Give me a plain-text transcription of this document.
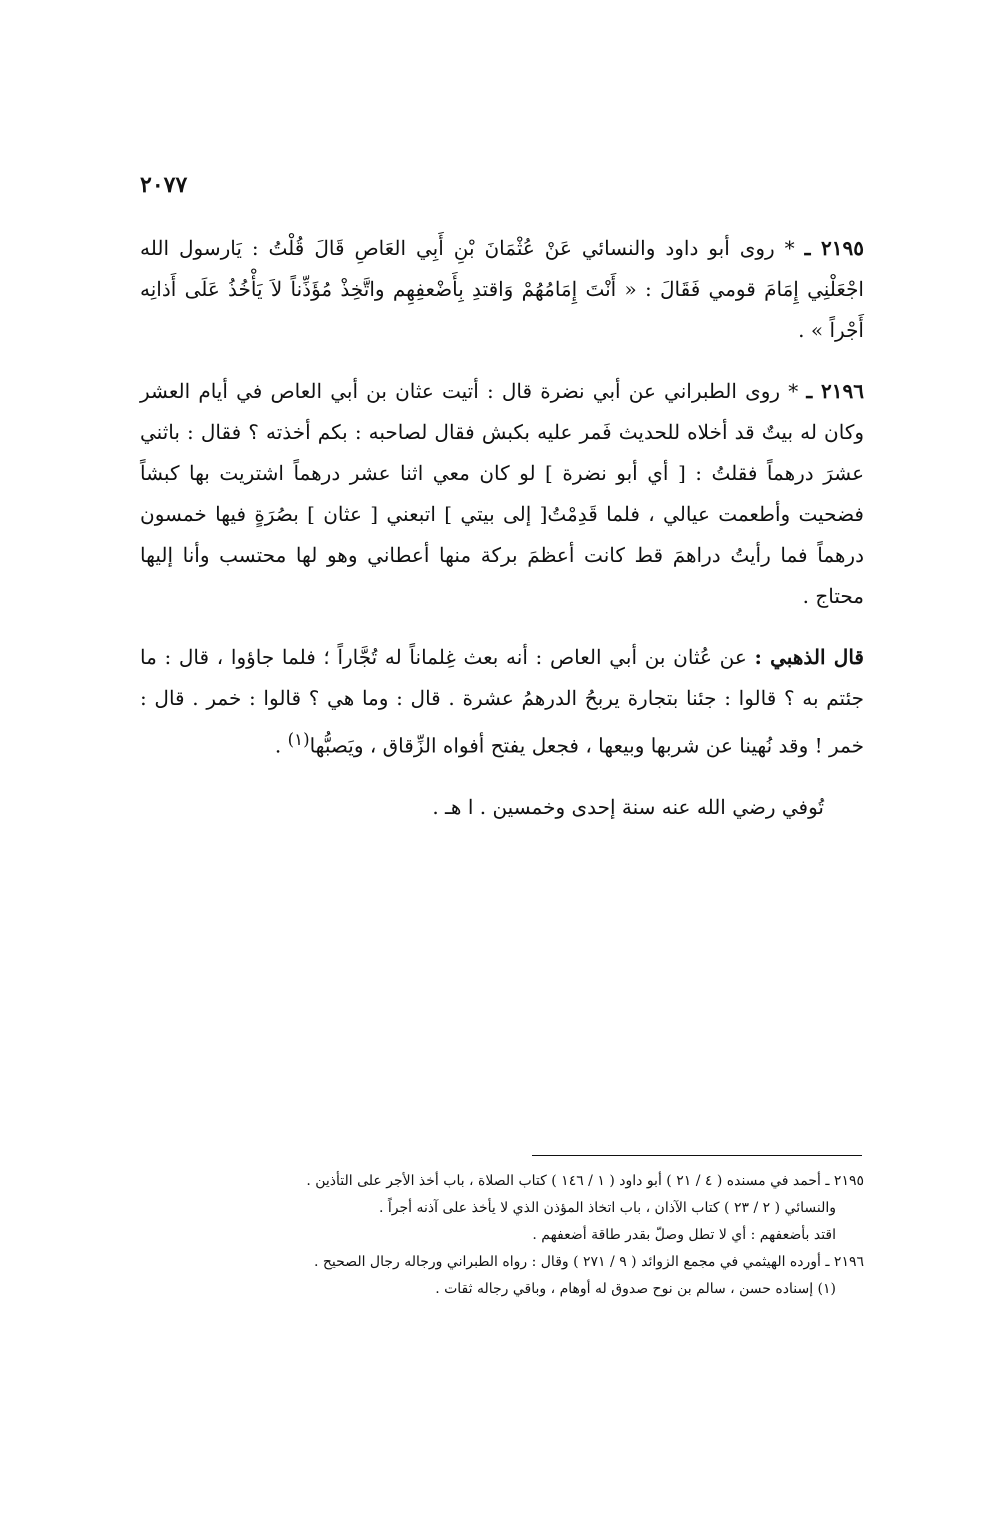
٢٠٧٧

٢١٩٥ ـ * روى أبو داود والنسائي عَنْ عُثْمَانَ بْنِ أَبِي العَاصِ قَالَ قُلْتُ : يَارسول الله اجْعَلْنِي إِمَامَ قومي فَقَالَ : « أَنْتَ إِمَامُهُمْ وَاقتدِ بِأَضْعفِهِم واتَّخِذْ مُؤَذِّناً لاَ يَأْخُذُ عَلَى أَذانِه أَجْراً » .

٢١٩٦ ـ * روى الطبراني عن أبي نضرة قال : أتيت عثان بن أبي العاص في أيام العشر وكان له بيتٌ قد أخلاه للحديث فَمر عليه بكبش فقال لصاحبه : بكم أخذته ؟ فقال : باثني عشرَ درهماً فقلتُ : [ أي أبو نضرة ] لو كان معي اثنا عشر درهماً اشتريت بها كبشاً فضحيت وأطعمت عيالي ، فلما قَدِمْتُ[ إلى بيتي ] اتبعني [ عثان ] بصُرَةٍ فيها خمسون درهماً فما رأيتُ دراهمَ قط كانت أعظمَ بركة منها أعطاني وهو لها محتسب وأنا إليها محتاج .

قال الذهبي : عن عُثان بن أبي العاص : أنه بعث غِلماناً له تُجَّاراً ؛ فلما جاؤوا ، قال : ما جئتم به ؟ قالوا : جئنا بتجارة يربحُ الدرهمُ عشرة . قال : وما هي ؟ قالوا : خمر . قال : خمر ! وقد نُهينا عن شربها وبيعها ، فجعل يفتح أفواه الزِّقاق ، ويَصبُّها$^{(١)}$ .

تُوفي رضي الله عنه سنة إحدى وخمسين . ا هـ .

٢١٩٥ ـ أحمد في مسنده ( ٤ / ٢١ ) أبو داود ( ١ / ١٤٦ ) كتاب الصلاة ، باب أخذ الأجر على التأذين .

والنسائي ( ٢ / ٢٣ ) كتاب الآذان ، باب اتخاذ المؤذن الذي لا يأخذ على آذنه أجراً .

اقتد بأضعفهم : أي لا تطل وصلّ بقدر طاقة أضعفهم .

٢١٩٦ ـ أورده الهيثمي في مجمع الزوائد ( ٩ / ٢٧١ ) وقال : رواه الطبراني ورجاله رجال الصحيح .

(١) إسناده حسن ، سالم بن نوح صدوق له أوهام ، وباقي رجاله ثقات .
